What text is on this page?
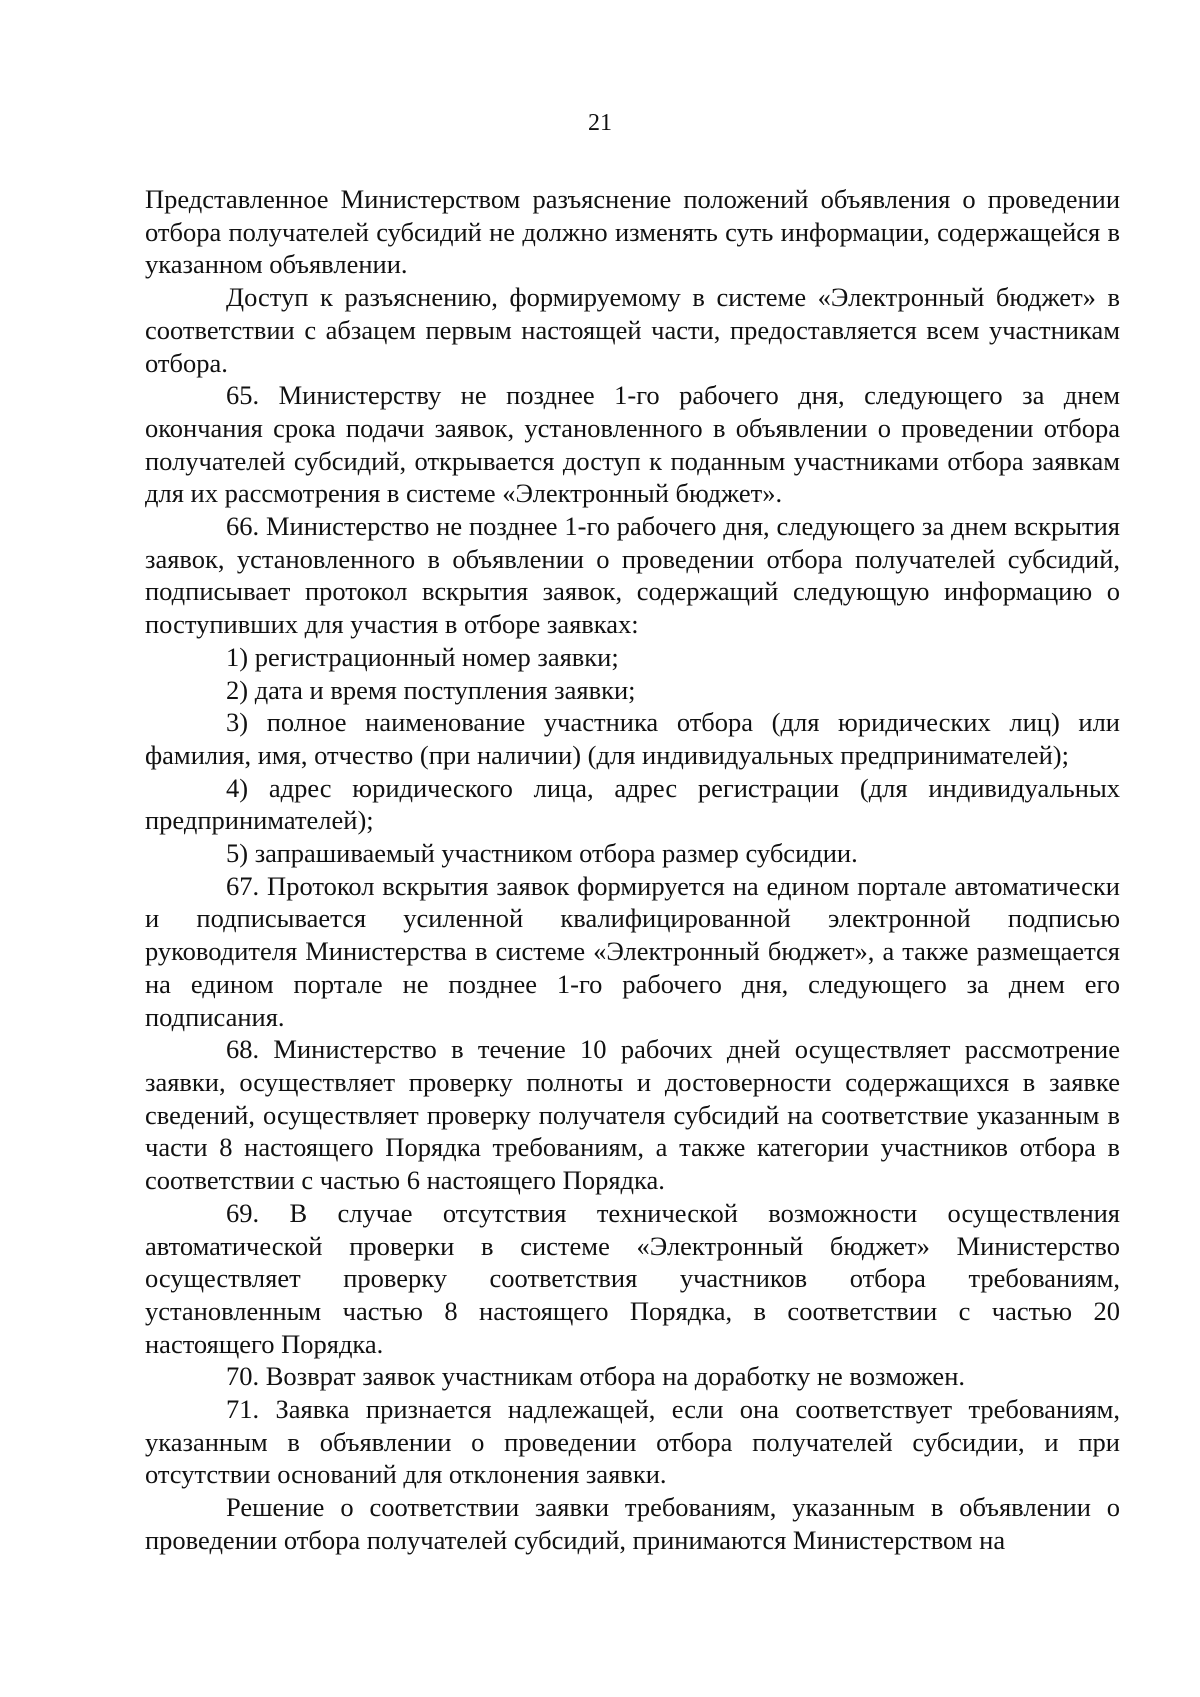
21

Представленное Министерством разъяснение положений объявления о проведении отбора получателей субсидий не должно изменять суть информации, содержащейся в указанном объявлении.

Доступ к разъяснению, формируемому в системе «Электронный бюджет» в соответствии с абзацем первым настоящей части, предоставляется всем участникам отбора.

65. Министерству не позднее 1-го рабочего дня, следующего за днем окончания срока подачи заявок, установленного в объявлении о проведении отбора получателей субсидий, открывается доступ к поданным участниками отбора заявкам для их рассмотрения в системе «Электронный бюджет».

66. Министерство не позднее 1-го рабочего дня, следующего за днем вскрытия заявок, установленного в объявлении о проведении отбора получателей субсидий, подписывает протокол вскрытия заявок, содержащий следующую информацию о поступивших для участия в отборе заявках:

1) регистрационный номер заявки;

2) дата и время поступления заявки;

3) полное наименование участника отбора (для юридических лиц) или фамилия, имя, отчество (при наличии) (для индивидуальных предпринимателей);

4) адрес юридического лица, адрес регистрации (для индивидуальных предпринимателей);

5) запрашиваемый участником отбора размер субсидии.

67. Протокол вскрытия заявок формируется на едином портале автоматически и подписывается усиленной квалифицированной электронной подписью руководителя Министерства в системе «Электронный бюджет», а также размещается на едином портале не позднее 1-го рабочего дня, следующего за днем его подписания.

68. Министерство в течение 10 рабочих дней осуществляет рассмотрение заявки, осуществляет проверку полноты и достоверности содержащихся в заявке сведений, осуществляет проверку получателя субсидий на соответствие указанным в части 8 настоящего Порядка требованиям, а также категории участников отбора в соответствии с частью 6 настоящего Порядка.

69. В случае отсутствия технической возможности осуществления автоматической проверки в системе «Электронный бюджет» Министерство осуществляет проверку соответствия участников отбора требованиям, установленным частью 8 настоящего Порядка, в соответствии с частью 20 настоящего Порядка.

70. Возврат заявок участникам отбора на доработку не возможен.

71. Заявка признается надлежащей, если она соответствует требованиям, указанным в объявлении о проведении отбора получателей субсидии, и при отсутствии оснований для отклонения заявки.

Решение о соответствии заявки требованиям, указанным в объявлении о проведении отбора получателей субсидий, принимаются Министерством на
